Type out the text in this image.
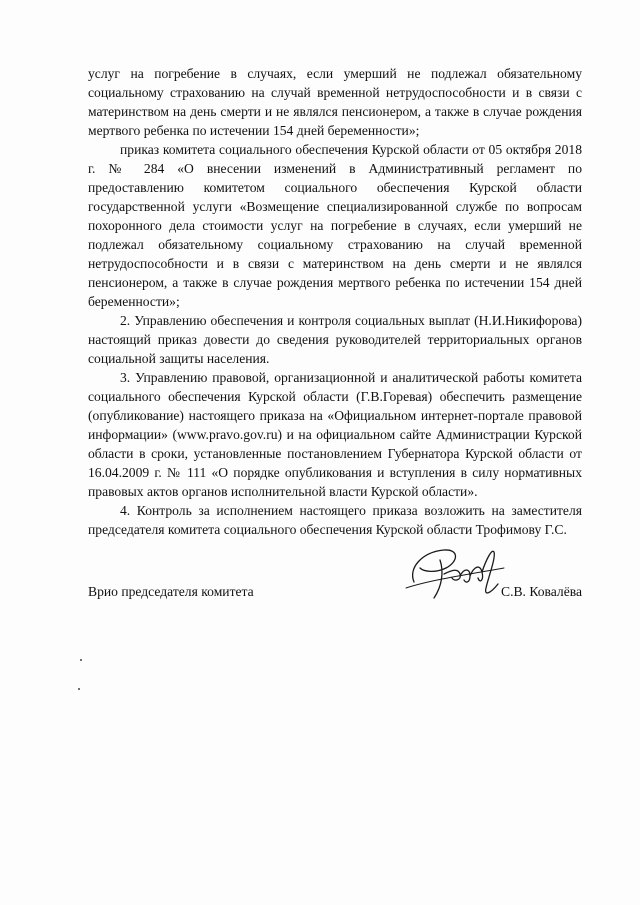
услуг на погребение в случаях, если умерший не подлежал обязательному социальному страхованию на случай временной нетрудоспособности и в связи с материнством на день смерти и не являлся пенсионером, а также в случае рождения мертвого ребенка по истечении 154 дней беременности»;

приказ комитета социального обеспечения Курской области от 05 октября 2018 г. № 284 «О внесении изменений в Административный регламент по предоставлению комитетом социального обеспечения Курской области государственной услуги «Возмещение специализированной службе по вопросам похоронного дела стоимости услуг на погребение в случаях, если умерший не подлежал обязательному социальному страхованию на случай временной нетрудоспособности и в связи с материнством на день смерти и не являлся пенсионером, а также в случае рождения мертвого ребенка по истечении 154 дней беременности»;

2. Управлению обеспечения и контроля социальных выплат (Н.И.Никифорова) настоящий приказ довести до сведения руководителей территориальных органов социальной защиты населения.

3. Управлению правовой, организационной и аналитической работы комитета социального обеспечения Курской области (Г.В.Горевая) обеспечить размещение (опубликование) настоящего приказа на «Официальном интернет-портале правовой информации» (www.pravo.gov.ru) и на официальном сайте Администрации Курской области в сроки, установленные постановлением Губернатора Курской области от 16.04.2009 г. № 111 «О порядке опубликования и вступления в силу нормативных правовых актов органов исполнительной власти Курской области».

4. Контроль за исполнением настоящего приказа возложить на заместителя председателя комитета социального обеспечения Курской области Трофимову Г.С.

Врио председателя комитета	С.В. Ковалёва
